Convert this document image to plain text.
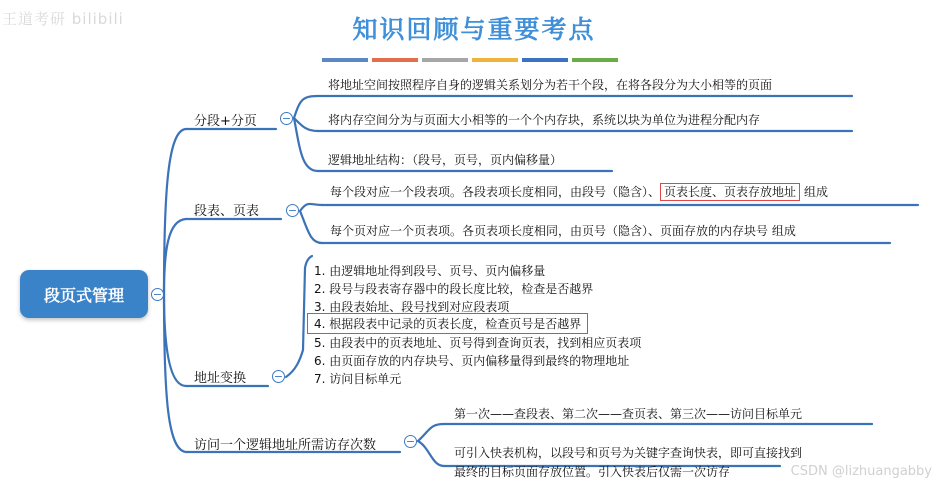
王道考研 bilibili	知识回顾与重要考点
段页式管理	−
分段+分页 −
将地址空间按照程序自身的逻辑关系划分为若干个段，在将各段分为大小相等的页面
将内存空间分为与页面大小相等的一个个内存块，系统以块为单位为进程分配内存
逻辑地址结构：（段号，页号，页内偏移量）
段表、页表	−
每个段对应一个段表项。各段表项长度相同，由段号（隐含）、 页表长度、页表存放地址 组成
每个页对应一个页表项。各页表项长度相同，由页号（隐含）、页面存放的内存块号 组成
地址变换	−
1. 由逻辑地址得到段号、页号、页内偏移量
2. 段号与段表寄存器中的段长度比较，检查是否越界
3. 由段表始址、段号找到对应段表项
4. 根据段表中记录的页表长度，检查页号是否越界
5. 由段表中的页表地址、页号得到查询页表，找到相应页表项
6. 由页面存放的内存块号、页内偏移量得到最终的物理地址
7. 访问目标单元
访问一个逻辑地址所需访存次数	−
第一次——查段表、第二次——查页表、第三次——访问目标单元
可引入快表机构，以段号和页号为关键字查询快表，即可直接找到
最终的目标页面存放位置。引入快表后仅需一次访存	CSDN @lizhuangabby
